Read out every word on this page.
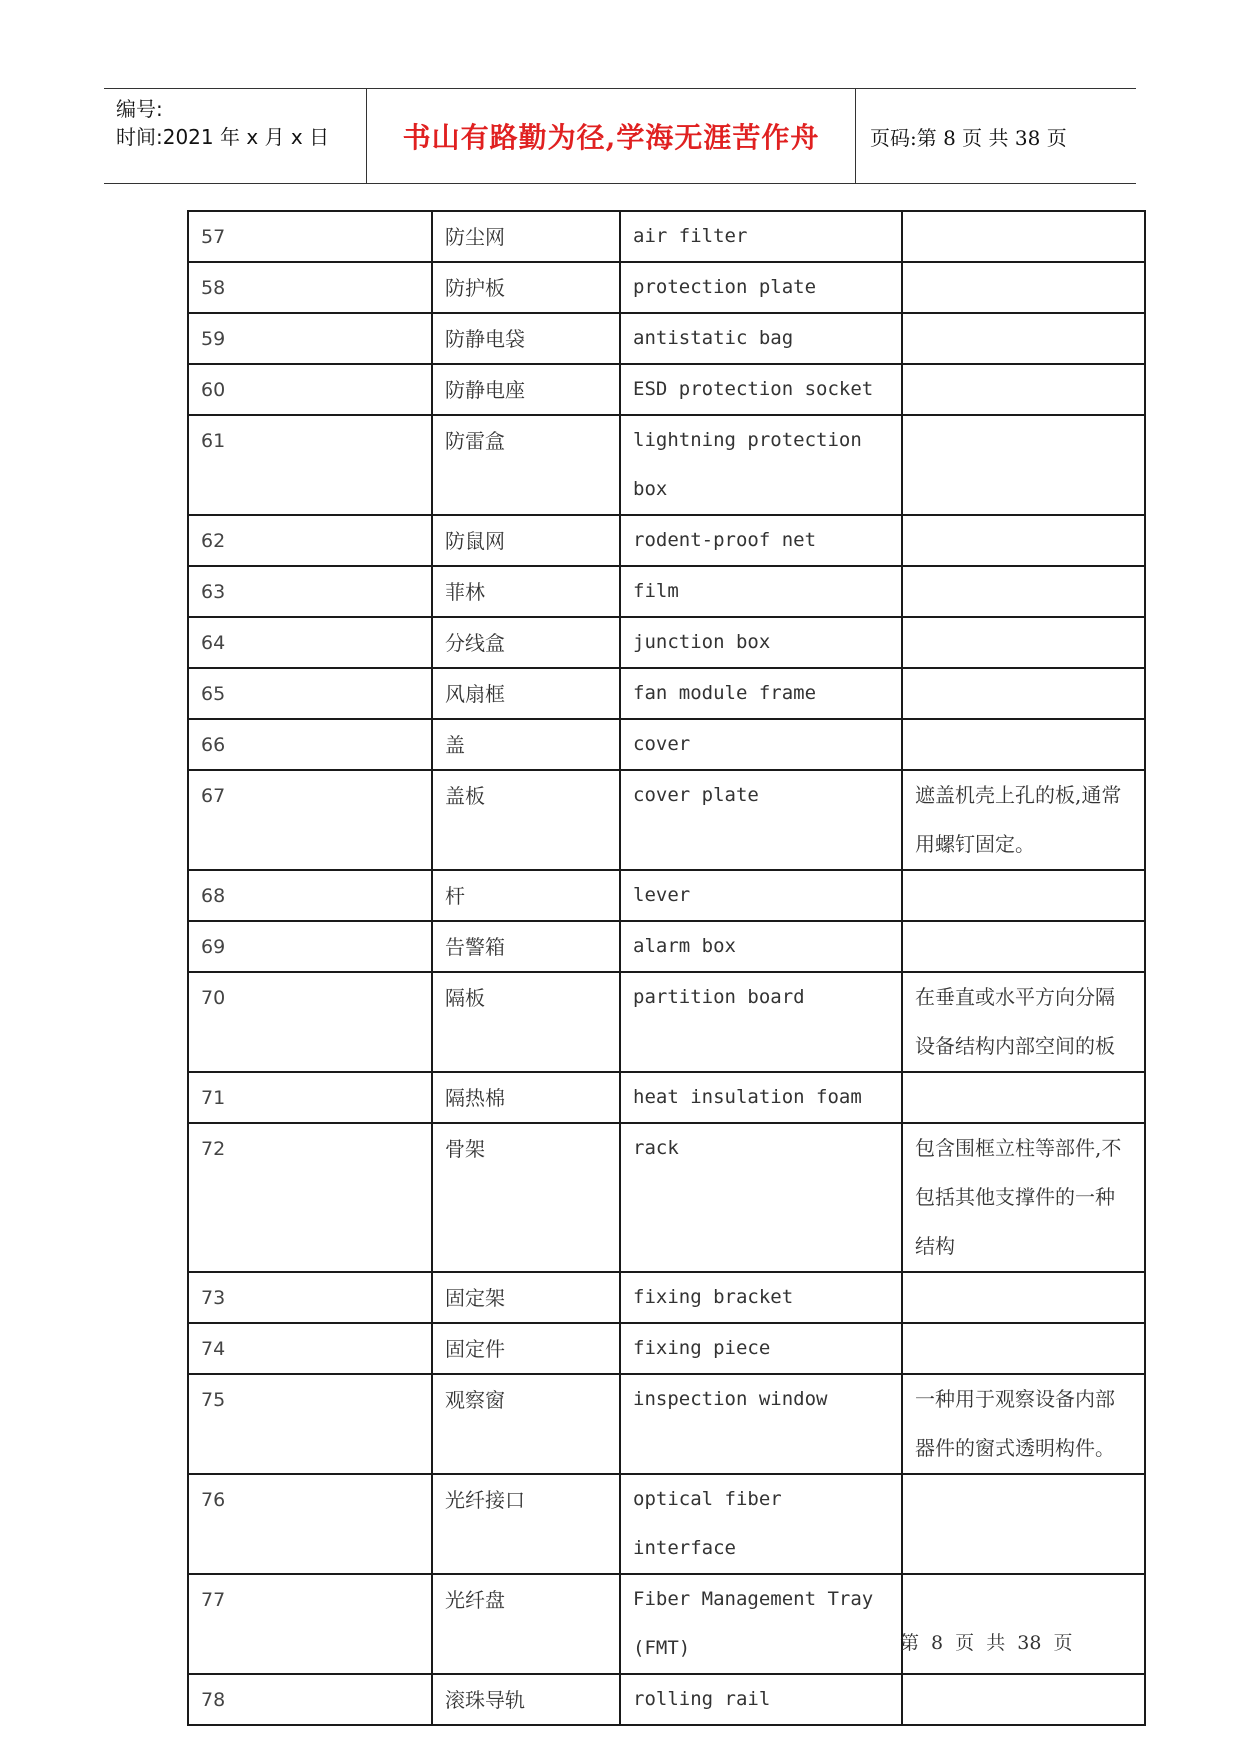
编号:
时间:2021 年 x 月 x 日	书山有路勤为径,学海无涯苦作舟	页码:第 8 页 共 38 页
57	防尘网	air filter	

58	防护板	protection plate	

59	防静电袋	antistatic bag	

60	防静电座	ESD protection socket	

61	防雷盒	lightning protection box	

62	防鼠网	rodent-proof net	

63	菲林	film	

64	分线盒	junction box	

65	风扇框	fan module frame	

66	盖	cover	

67	盖板	cover plate	遮盖机壳上孔的板,通常用螺钉固定。

68	杆	lever	

69	告警箱	alarm box	

70	隔板	partition board	在垂直或水平方向分隔设备结构内部空间的板

71	隔热棉	heat insulation foam	

72	骨架	rack	包含围框立柱等部件,不包括其他支撑件的一种结构

73	固定架	fixing bracket	

74	固定件	fixing piece	

75	观察窗	inspection window	一种用于观察设备内部器件的窗式透明构件。

76	光纤接口	optical fiber interface	

77	光纤盘	Fiber Management Tray (FMT)	

78	滚珠导轨	rolling rail	

第 8 页 共 38 页
